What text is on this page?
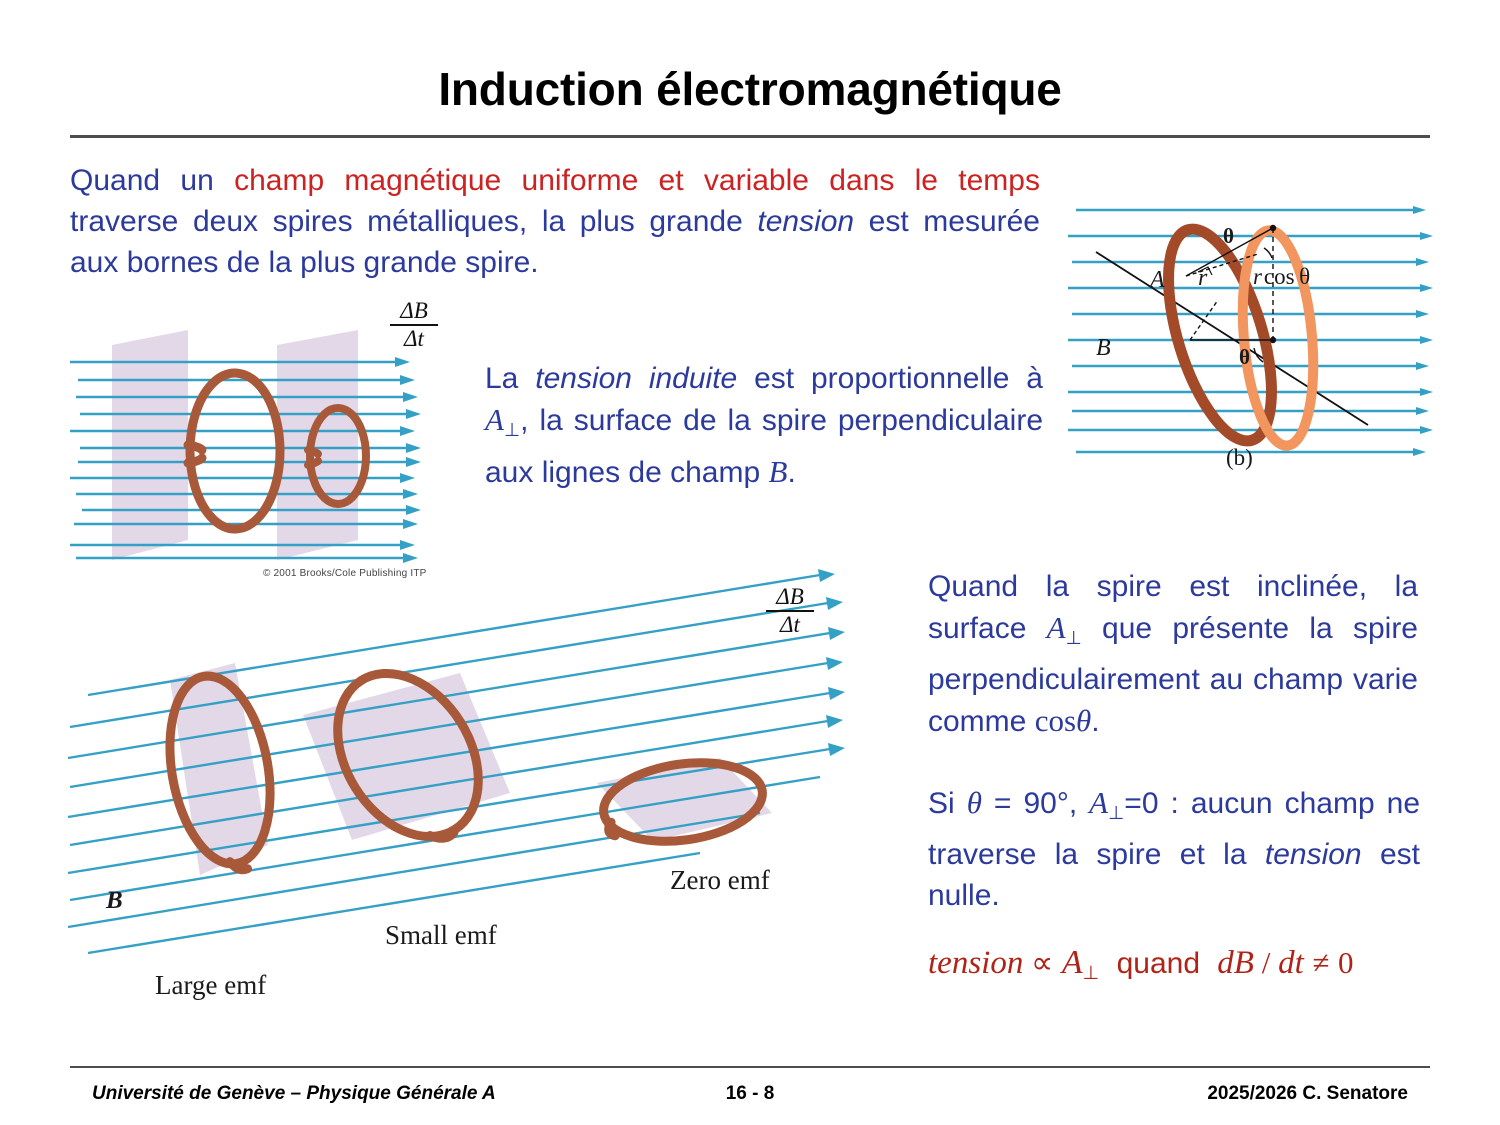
Induction électromagnétique
Quand un champ magnétique uniforme et variable dans le temps traverse deux spires métalliques, la plus grande tension est mesurée aux bornes de la plus grande spire.
La tension induite est proportionnelle à $A_\perp$, la surface de la spire perpendiculaire aux lignes de champ B.
Quand la spire est inclinée, la surface $A_\perp$ que présente la spire perpendiculairement au champ varie comme cosθ.
Si θ = 90°, $A_\perp=0$ : aucun champ ne traverse la spire et la tension est nulle.
tension ∝ $A_\perp$ quand dB / dt ≠ 0
ΔB
Δt
© 2001 Brooks/Cole Publishing ITP
A r r cos θ
θ
θ
B
(b)
ΔB
Δt
B
Large emf
Small emf
Zero emf
Université de Genève – Physique Générale A	16 - 8	2025/2026 C. Senatore
